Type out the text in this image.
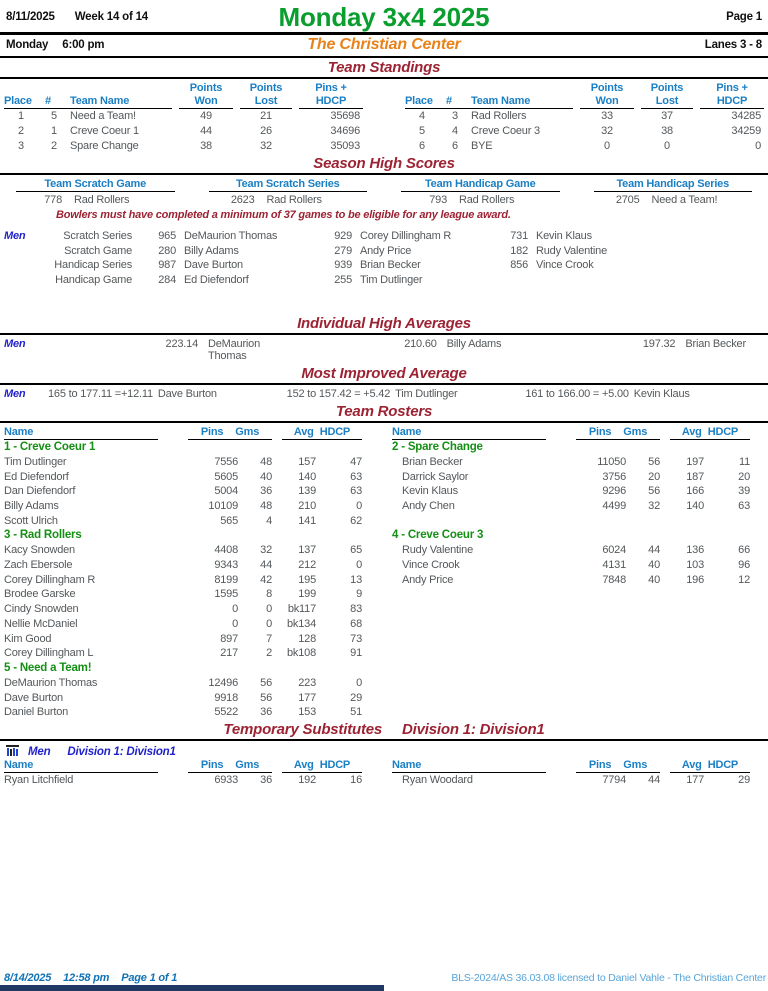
8/11/2025 Week 14 of 14	Monday 3x4 2025	Page 1
Monday 6:00 pm	The Christian Center	Lanes 3 - 8
Team Standings
Place	#	Team Name
Points
Won
Points
Lost
Pins +
HDCP
1	5	Need a Team!	49	21	35698
2	1	Creve Coeur 1	44	26	34696
3	2	Spare Change	38	32	35093
Place	#	Team Name
Points
Won
Points
Lost
Pins +
HDCP
4	3	Rad Rollers	33	37	34285
5	4	Creve Coeur 3	32	38	34259
6	6	BYE	0	0	0
Season High Scores
Team Scratch Game
778 Rad Rollers
Team Scratch Series
2623 Rad Rollers
Team Handicap Game
793 Rad Rollers
Team Handicap Series
2705 Need a Team!
Bowlers must have completed a minimum of 37 games to be eligible for any league award.
Men	Scratch Series	965 DeMaurion Thomas	929 Corey Dillingham R	731 Kevin Klaus
Scratch Game	280 Billy Adams	279 Andy Price	182 Rudy Valentine
Handicap Series	987 Dave Burton	939 Brian Becker	856 Vince Crook
Handicap Game	284 Ed Diefendorf	255 Tim Dutlinger
Individual High Averages
Men	223.14 DeMaurion Thomas
210.60 Billy Adams	197.32 Brian Becker
Most Improved Average
Men	165 to 177.11 =+12.11 Dave Burton	152 to 157.42 = +5.42 Tim Dutlinger	161 to 166.00 = +5.00 Kevin Klaus
Team Rosters
Name	Pins Gms	Avg HDCP	Name	Pins Gms	Avg HDCP
1 - Creve Coeur 1
Tim Dutlinger	7556	48	157	47
Ed Diefendorf	5605	40	140	63
Dan Diefendorf	5004	36	139	63
Billy Adams	10109	48	210	0
Scott Ulrich	565	4	141	62
2 - Spare Change
Brian Becker	11050	56	197	11
Darrick Saylor	3756	20	187	20
Kevin Klaus	9296	56	166	39
Andy Chen	4499	32	140	63
3 - Rad Rollers
Kacy Snowden	4408	32	137	65
Zach Ebersole	9343	44	212	0
Corey Dillingham R	8199	42	195	13
Brodee Garske	1595	8	199	9
Cindy Snowden	0	0	bk117	83
Nellie McDaniel	0	0	bk134	68
Kim Good	897	7	128	73
Corey Dillingham L	217	2	bk108	91
4 - Creve Coeur 3
Rudy Valentine	6024	44	136	66
Vince Crook	4131	40	103	96
Andy Price	7848	40	196	12
5 - Need a Team!
DeMaurion Thomas	12496	56	223	0
Dave Burton	9918	56	177	29
Daniel Burton	5522	36	153	51
Temporary Substitutes Division 1: Division1
Men Division 1: Division1
Name	Pins Gms	Avg HDCP	Name	Pins Gms	Avg HDCP
Ryan Litchfield	6933	36	192	16	Ryan Woodard	7794	44	177	29
8/14/2025 12:58 pm Page 1 of 1	BLS-2024/AS 36.03.08 licensed to Daniel Vahle - The Christian Center
